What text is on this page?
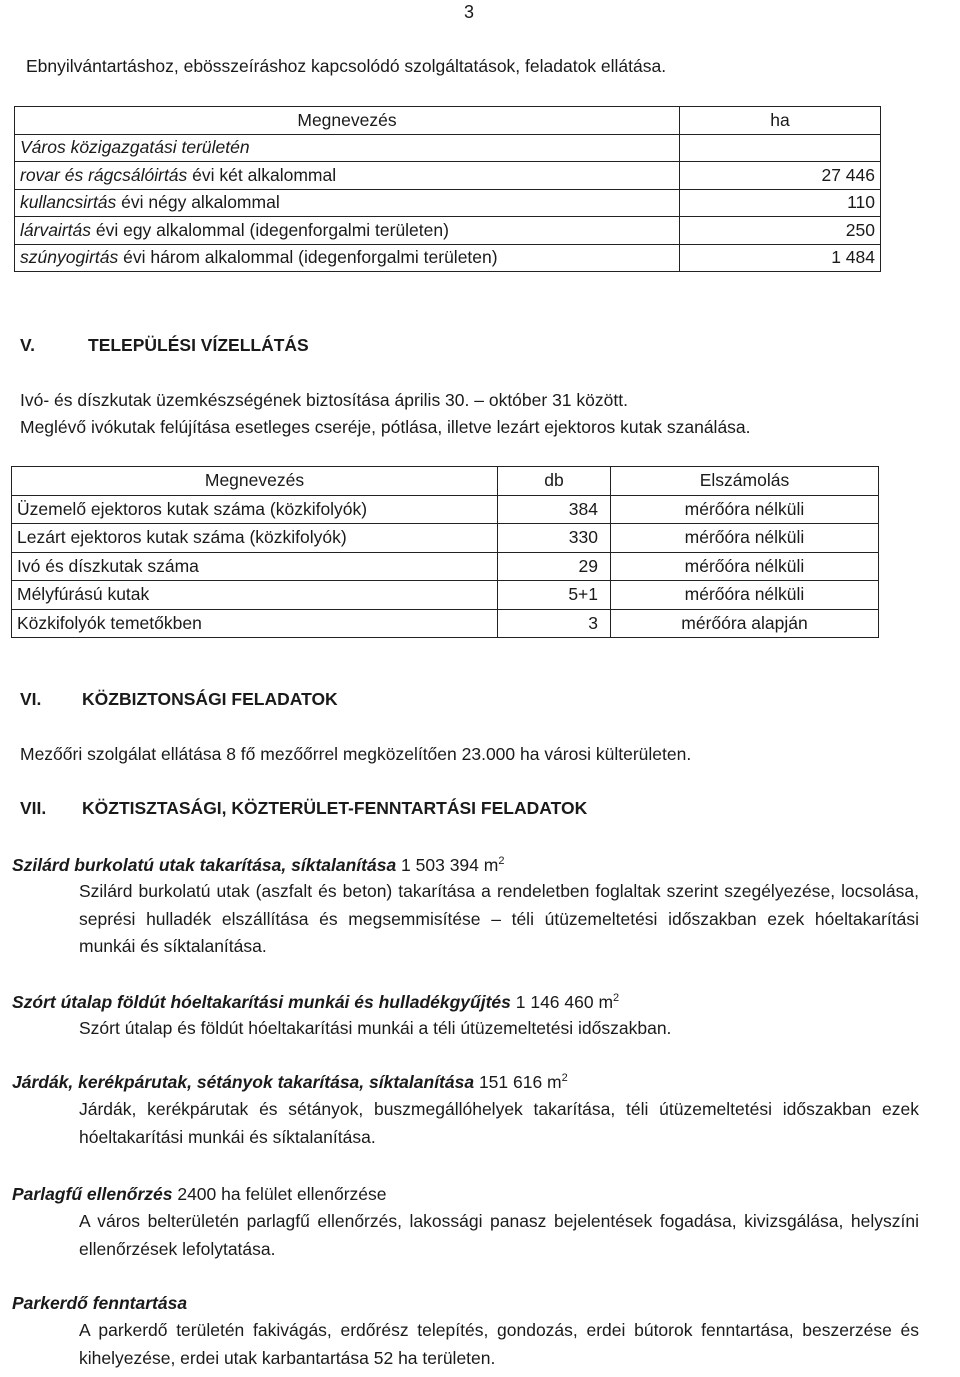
3
Ebnyilvántartáshoz, ebösszeíráshoz kapcsolódó szolgáltatások, feladatok ellátása.
Megnevezés	ha
Város közigazgatási területén	
rovar és rágcsálóirtás évi két alkalommal	27 446
kullancsirtás évi négy alkalommal	110
lárvairtás évi egy alkalommal (idegenforgalmi területen)	250
szúnyogirtás évi három alkalommal (idegenforgalmi területen)	1 484
V.	TELEPÜLÉSI VÍZELLÁTÁS
Ivó- és díszkutak üzemkészségének biztosítása április 30. – október 31 között.
Meglévő ivókutak felújítása esetleges cseréje, pótlása, illetve lezárt ejektoros kutak szanálása.
Megnevezés	db	Elszámolás
Üzemelő ejektoros kutak száma (közkifolyók)	384	mérőóra nélküli
Lezárt ejektoros kutak száma (közkifolyók)	330	mérőóra nélküli
Ivó és díszkutak száma	29	mérőóra nélküli
Mélyfúrású kutak	5+1	mérőóra nélküli
Közkifolyók temetőkben	3	mérőóra alapján
VI. KÖZBIZTONSÁGI FELADATOK
Mezőőri szolgálat ellátása 8 fő mezőőrrel megközelítően 23.000 ha városi külterületen.
VII. KÖZTISZTASÁGI, KÖZTERÜLET-FENNTARTÁSI FELADATOK
Szilárd burkolatú utak takarítása, síktalanítása 1 503 394 $m^2$
Szilárd burkolatú utak (aszfalt és beton) takarítása a rendeletben foglaltak szerint szegélyezése, locsolása, seprési hulladék elszállítása és megsemmisítése – téli útüzemeltetési időszakban ezek hóeltakarítási munkái és síktalanítása.
Szórt útalap földút hóeltakarítási munkái és hulladékgyűjtés 1 146 460 $m^2$
Szórt útalap és földút hóeltakarítási munkái a téli útüzemeltetési időszakban.
Járdák, kerékpárutak, sétányok takarítása, síktalanítása 151 616 $m^2$
Járdák, kerékpárutak és sétányok, buszmegállóhelyek takarítása, téli útüzemeltetési időszakban ezek hóeltakarítási munkái és síktalanítása.
Parlagfű ellenőrzés 2400 ha felület ellenőrzése
A város belterületén parlagfű ellenőrzés, lakossági panasz bejelentések fogadása, kivizsgálása, helyszíni ellenőrzések lefolytatása.
Parkerdő fenntartása
A parkerdő területén fakivágás, erdőrész telepítés, gondozás, erdei bútorok fenntartása, beszerzése és kihelyezése, erdei utak karbantartása 52 ha területen.
